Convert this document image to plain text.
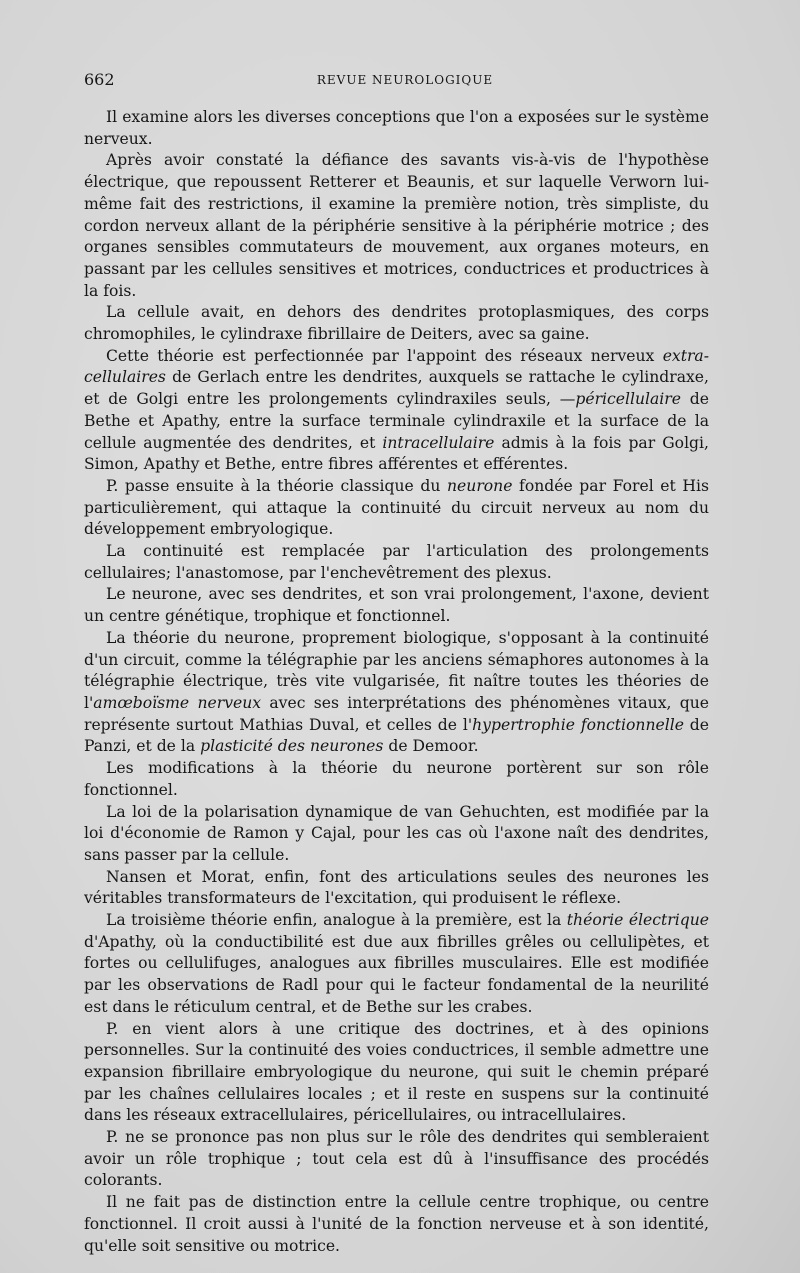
662	REVUE NEUROLOGIQUE

Il examine alors les diverses conceptions que l'on a exposées sur le système nerveux.

Après avoir constaté la défiance des savants vis-à-vis de l'hypothèse électrique, que repoussent Retterer et Beaunis, et sur laquelle Verworn lui-même fait des restrictions, il examine la première notion, très simpliste, du cordon nerveux allant de la périphérie sensitive à la périphérie motrice ; des organes sensibles commutateurs de mouvement, aux organes moteurs, en passant par les cellules sensitives et motrices, conductrices et productrices à la fois.

La cellule avait, en dehors des dendrites protoplasmiques, des corps chromophiles, le cylindraxe fibrillaire de Deiters, avec sa gaine.

Cette théorie est perfectionnée par l'appoint des réseaux nerveux extra-cellulaires de Gerlach entre les dendrites, auxquels se rattache le cylindraxe, et de Golgi entre les prolongements cylindraxiles seuls, —péricellulaire de Bethe et Apathy, entre la surface terminale cylindraxile et la surface de la cellule augmentée des dendrites, et intracellulaire admis à la fois par Golgi, Simon, Apathy et Bethe, entre fibres afférentes et efférentes.

P. passe ensuite à la théorie classique du neurone fondée par Forel et His particulièrement, qui attaque la continuité du circuit nerveux au nom du développement embryologique.

La continuité est remplacée par l'articulation des prolongements cellulaires; l'anastomose, par l'enchevêtrement des plexus.

Le neurone, avec ses dendrites, et son vrai prolongement, l'axone, devient un centre génétique, trophique et fonctionnel.

La théorie du neurone, proprement biologique, s'opposant à la continuité d'un circuit, comme la télégraphie par les anciens sémaphores autonomes à la télégraphie électrique, très vite vulgarisée, fit naître toutes les théories de l'amœboïsme nerveux avec ses interprétations des phénomènes vitaux, que représente surtout Mathias Duval, et celles de l'hypertrophie fonctionnelle de Panzi, et de la plasticité des neurones de Demoor.

Les modifications à la théorie du neurone portèrent sur son rôle fonctionnel.

La loi de la polarisation dynamique de van Gehuchten, est modifiée par la loi d'économie de Ramon y Cajal, pour les cas où l'axone naît des dendrites, sans passer par la cellule.

Nansen et Morat, enfin, font des articulations seules des neurones les véritables transformateurs de l'excitation, qui produisent le réflexe.

La troisième théorie enfin, analogue à la première, est la théorie électrique d'Apathy, où la conductibilité est due aux fibrilles grêles ou cellulipètes, et fortes ou cellulifuges, analogues aux fibrilles musculaires. Elle est modifiée par les observations de Radl pour qui le facteur fondamental de la neurilité est dans le réticulum central, et de Bethe sur les crabes.

P. en vient alors à une critique des doctrines, et à des opinions personnelles. Sur la continuité des voies conductrices, il semble admettre une expansion fibrillaire embryologique du neurone, qui suit le chemin préparé par les chaînes cellulaires locales ; et il reste en suspens sur la continuité dans les réseaux extracellulaires, péricellulaires, ou intracellulaires.

P. ne se prononce pas non plus sur le rôle des dendrites qui sembleraient avoir un rôle trophique ; tout cela est dû à l'insuffisance des procédés colorants.

Il ne fait pas de distinction entre la cellule centre trophique, ou centre fonctionnel. Il croit aussi à l'unité de la fonction nerveuse et à son identité, qu'elle soit sensitive ou motrice.
